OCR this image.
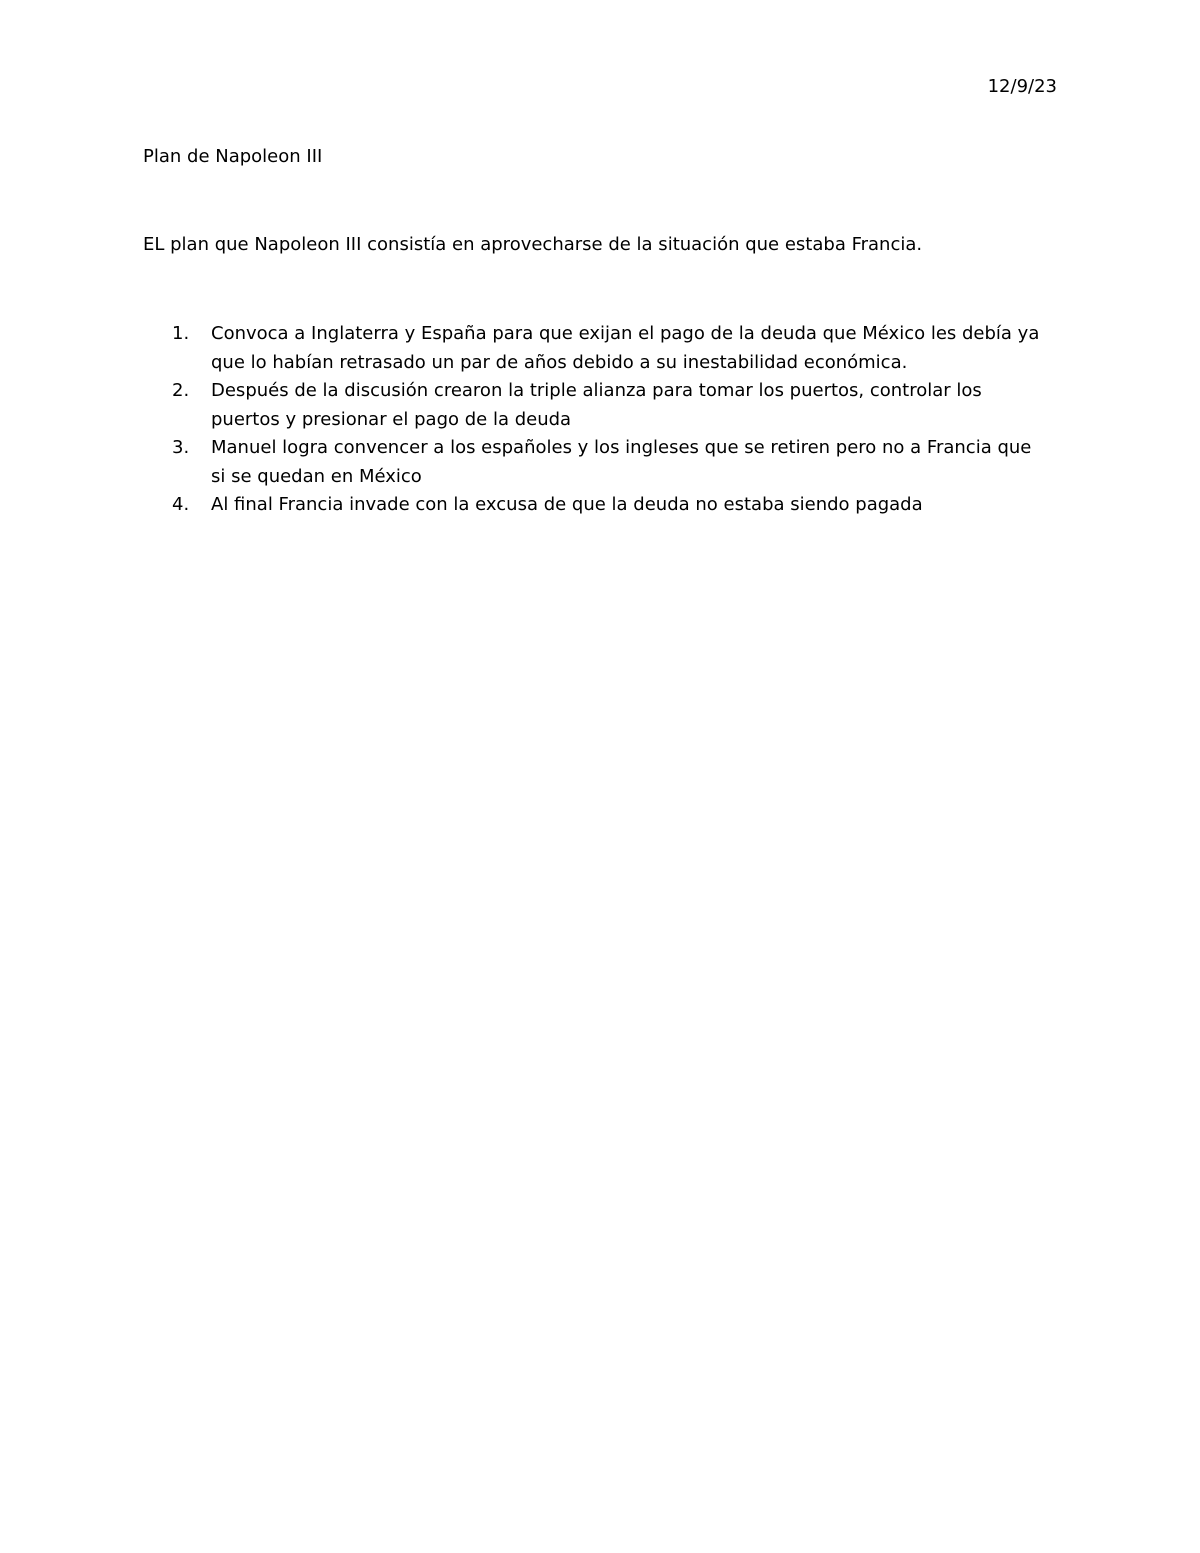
12/9/23
Plan de Napoleon III
EL plan que Napoleon III consistía en aprovecharse de la situación que estaba Francia.
1. Convoca a Inglaterra y España para que exijan el pago de la deuda que México les debía ya que lo habían retrasado un par de años debido a su inestabilidad económica.
2. Después de la discusión crearon la triple alianza para tomar los puertos, controlar los puertos y presionar el pago de la deuda
3. Manuel logra convencer a los españoles y los ingleses que se retiren pero no a Francia que si se quedan en México
4. Al final Francia invade con la excusa de que la deuda no estaba siendo pagada
